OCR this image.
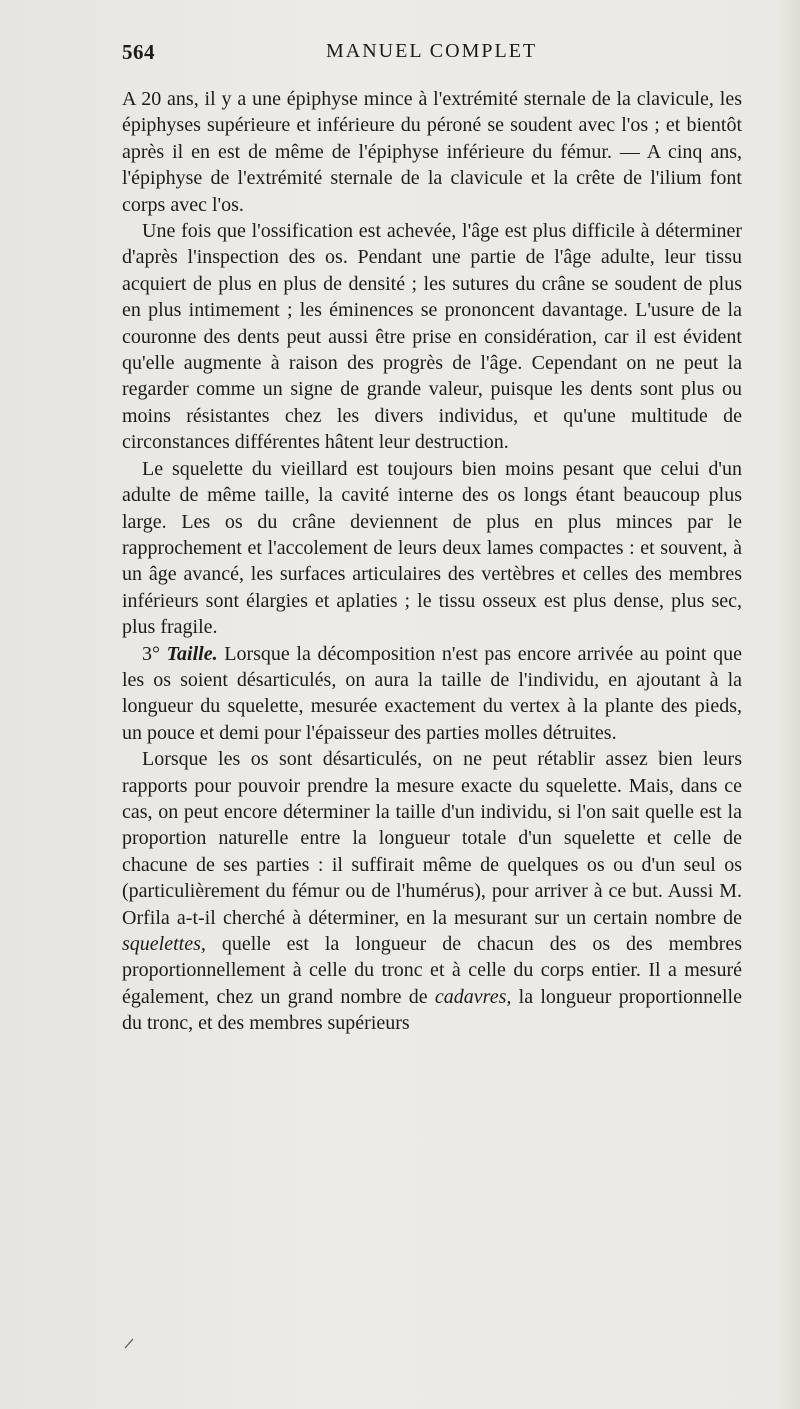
564	MANUEL COMPLET

A 20 ans, il y a une épiphyse mince à l'extrémité sternale de la clavicule, les épiphyses supérieure et inférieure du péroné se soudent avec l'os ; et bientôt après il en est de même de l'épiphyse inférieure du fémur. — A cinq ans, l'épiphyse de l'extrémité sternale de la clavicule et la crête de l'ilium font corps avec l'os.

Une fois que l'ossification est achevée, l'âge est plus difficile à déterminer d'après l'inspection des os. Pendant une partie de l'âge adulte, leur tissu acquiert de plus en plus de densité ; les sutures du crâne se soudent de plus en plus intimement ; les éminences se prononcent davantage. L'usure de la couronne des dents peut aussi être prise en considération, car il est évident qu'elle augmente à raison des progrès de l'âge. Cependant on ne peut la regarder comme un signe de grande valeur, puisque les dents sont plus ou moins résistantes chez les divers individus, et qu'une multitude de circonstances différentes hâtent leur destruction.

Le squelette du vieillard est toujours bien moins pesant que celui d'un adulte de même taille, la cavité interne des os longs étant beaucoup plus large. Les os du crâne deviennent de plus en plus minces par le rapprochement et l'accolement de leurs deux lames compactes : et souvent, à un âge avancé, les surfaces articulaires des vertèbres et celles des membres inférieurs sont élargies et aplaties ; le tissu osseux est plus dense, plus sec, plus fragile.

3° Taille. Lorsque la décomposition n'est pas encore arrivée au point que les os soient désarticulés, on aura la taille de l'individu, en ajoutant à la longueur du squelette, mesurée exactement du vertex à la plante des pieds, un pouce et demi pour l'épaisseur des parties molles détruites.

Lorsque les os sont désarticulés, on ne peut rétablir assez bien leurs rapports pour pouvoir prendre la mesure exacte du squelette. Mais, dans ce cas, on peut encore déterminer la taille d'un individu, si l'on sait quelle est la proportion naturelle entre la longueur totale d'un squelette et celle de chacune de ses parties : il suffirait même de quelques os ou d'un seul os (particulièrement du fémur ou de l'humérus), pour arriver à ce but. Aussi M. Orfila a-t-il cherché à déterminer, en la mesurant sur un certain nombre de squelettes, quelle est la longueur de chacun des os des membres proportionnellement à celle du tronc et à celle du corps entier. Il a mesuré également, chez un grand nombre de cadavres, la longueur proportionnelle du tronc, et des membres supérieurs
